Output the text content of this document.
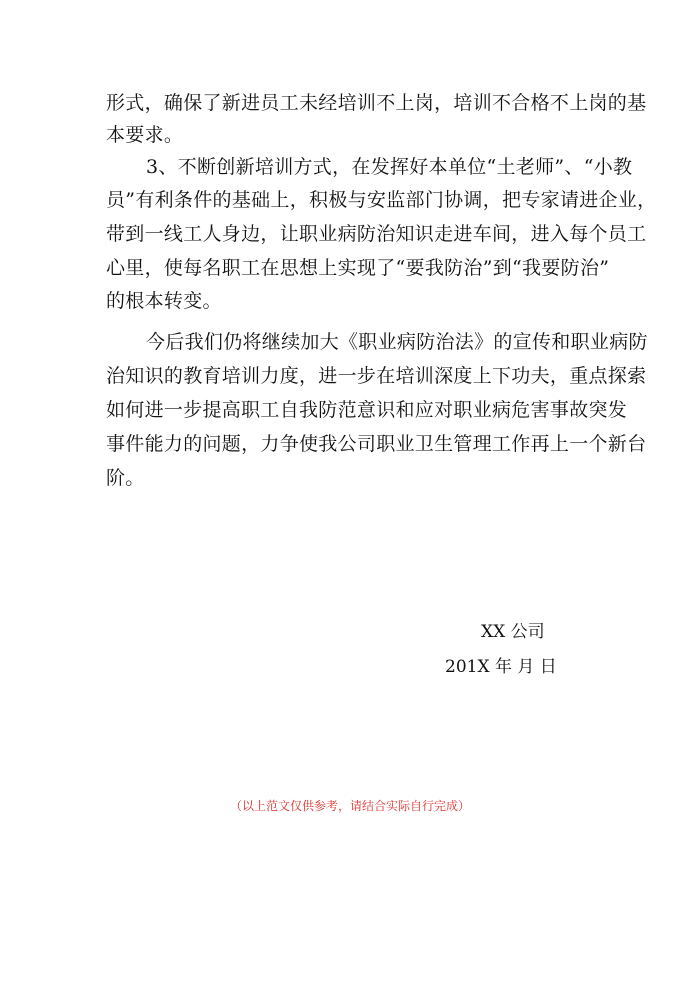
形式，确保了新进员工未经培训不上岗，培训不合格不上岗的基
本要求。
3、不断创新培训方式，在发挥好本单位“土老师”、“小教
员”有利条件的基础上，积极与安监部门协调，把专家请进企业，
带到一线工人身边，让职业病防治知识走进车间，进入每个员工
心里，使每名职工在思想上实现了“要我防治”到“我要防治”
的根本转变。
今后我们仍将继续加大《职业病防治法》的宣传和职业病防
治知识的教育培训力度，进一步在培训深度上下功夫，重点探索
如何进一步提高职工自我防范意识和应对职业病危害事故突发
事件能力的问题，力争使我公司职业卫生管理工作再上一个新台
阶。
XX 公司
201X 年 月 日
（以上范文仅供参考，请结合实际自行完成）
